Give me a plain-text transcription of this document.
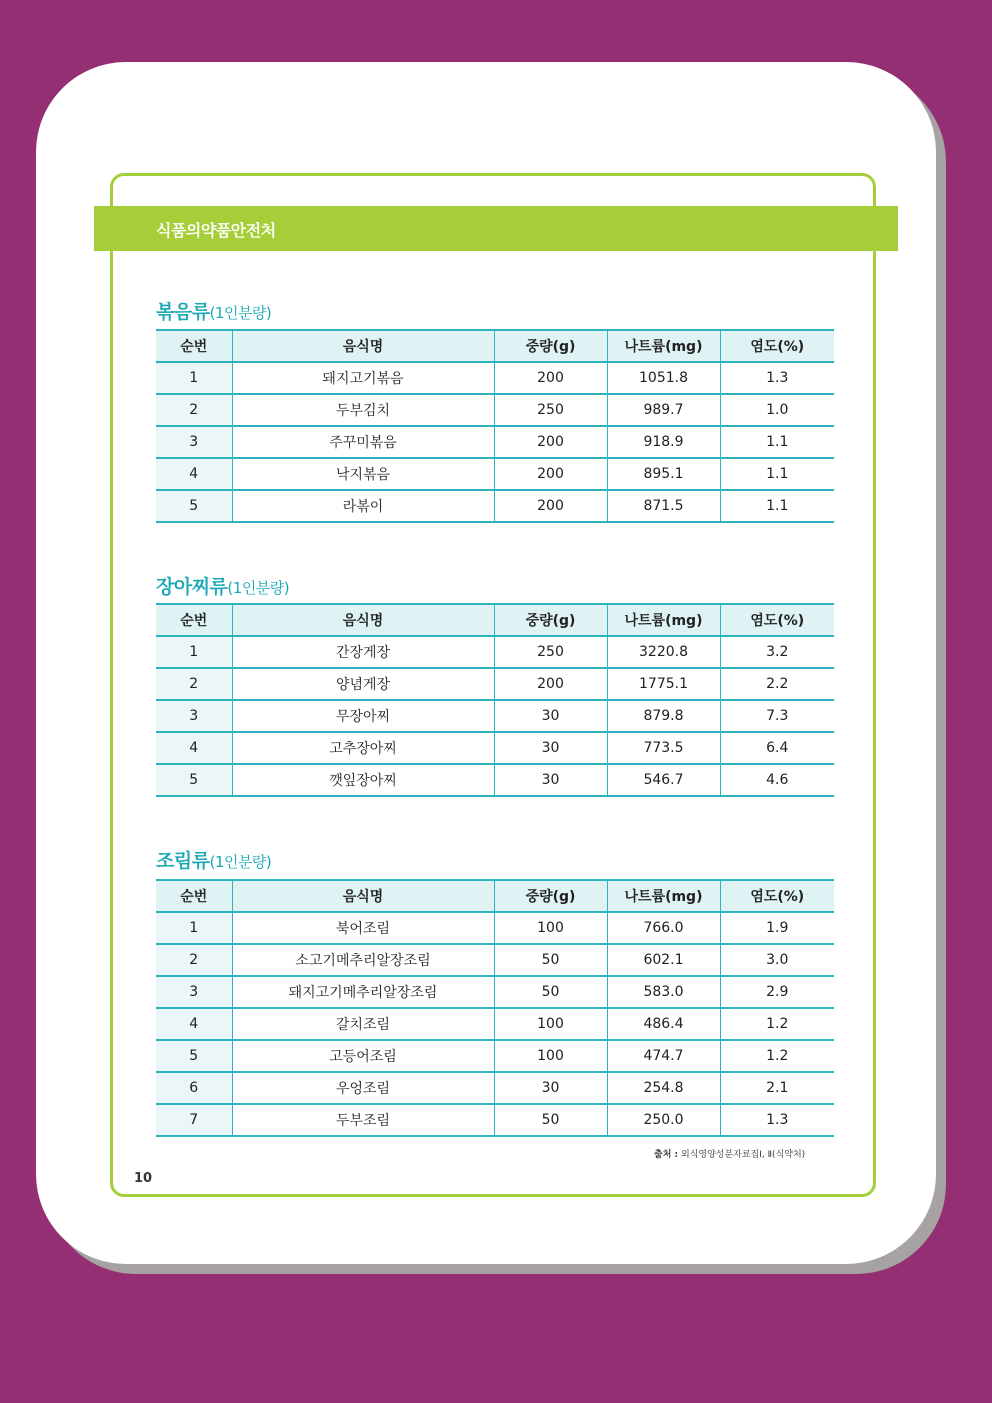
식품의약품안전처
볶음류(1인분량)
순번	음식명	중량(g)	나트륨(mg)	염도(%)
1	돼지고기볶음	200	1051.8	1.3
2	두부김치	250	989.7	1.0
3	주꾸미볶음	200	918.9	1.1
4	낙지볶음	200	895.1	1.1
5	라볶이	200	871.5	1.1
장아찌류(1인분량)
순번	음식명	중량(g)	나트륨(mg)	염도(%)
1	간장게장	250	3220.8	3.2
2	양념게장	200	1775.1	2.2
3	무장아찌	30	879.8	7.3
4	고추장아찌	30	773.5	6.4
5	깻잎장아찌	30	546.7	4.6
조림류(1인분량)
순번	음식명	중량(g)	나트륨(mg)	염도(%)
1	북어조림	100	766.0	1.9
2	소고기메추리알장조림	50	602.1	3.0
3	돼지고기메추리알장조림	50	583.0	2.9
4	갈치조림	100	486.4	1.2
5	고등어조림	100	474.7	1.2
6	우엉조림	30	254.8	2.1
7	두부조림	50	250.0	1.3
출처 : 외식영양성분자료집Ⅰ, Ⅱ(식약처)
10
